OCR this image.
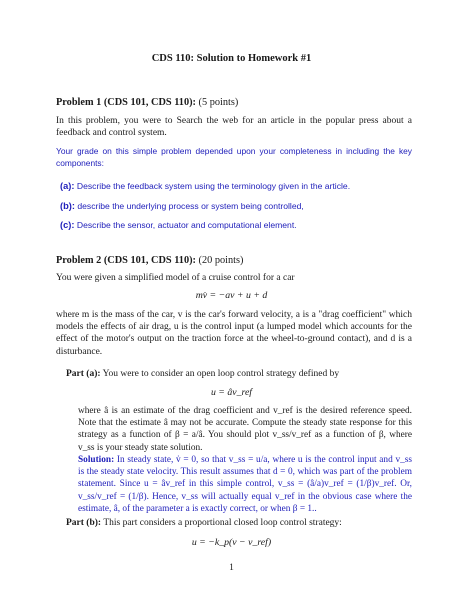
CDS 110: Solution to Homework #1
Problem 1 (CDS 101, CDS 110): (5 points)

In this problem, you were to Search the web for an article in the popular press about a feedback and control system.

Your grade on this simple problem depended upon your completeness in including the key components:

(a): Describe the feedback system using the terminology given in the article.
(b): describe the underlying process or system being controlled,
(c): Describe the sensor, actuator and computational element.
Problem 2 (CDS 101, CDS 110): (20 points)

You were given a simplified model of a cruise control for a car

mv̇ = −av + u + d

where m is the mass of the car, v is the car's forward velocity, a is a "drag coefficient" which models the effects of air drag, u is the control input (a lumped model which accounts for the effect of the motor's output on the traction force at the wheel-to-ground contact), and d is a disturbance.

Part (a): You were to consider an open loop control strategy defined by
u = âv_ref

where â is an estimate of the drag coefficient and v_ref is the desired reference speed. Note that the estimate â may not be accurate. Compute the steady state response for this strategy as a function of β = a/â. You should plot v_ss/v_ref as a function of β, where v_ss is your steady state solution.

Solution: In steady state, v̇ = 0, so that v_ss = u/a, where u is the control input and v_ss is the steady state velocity. This result assumes that d = 0, which was part of the problem statement. Since u = âv_ref in this simple control, v_ss = (â/a)v_ref = (1/β)v_ref. Or, v_ss/v_ref = (1/β). Hence, v_ss will actually equal v_ref in the obvious case where the estimate, â, of the parameter a is exactly correct, or when β = 1..

Part (b): This part considers a proportional closed loop control strategy:
u = −k_p(v − v_ref)
1
